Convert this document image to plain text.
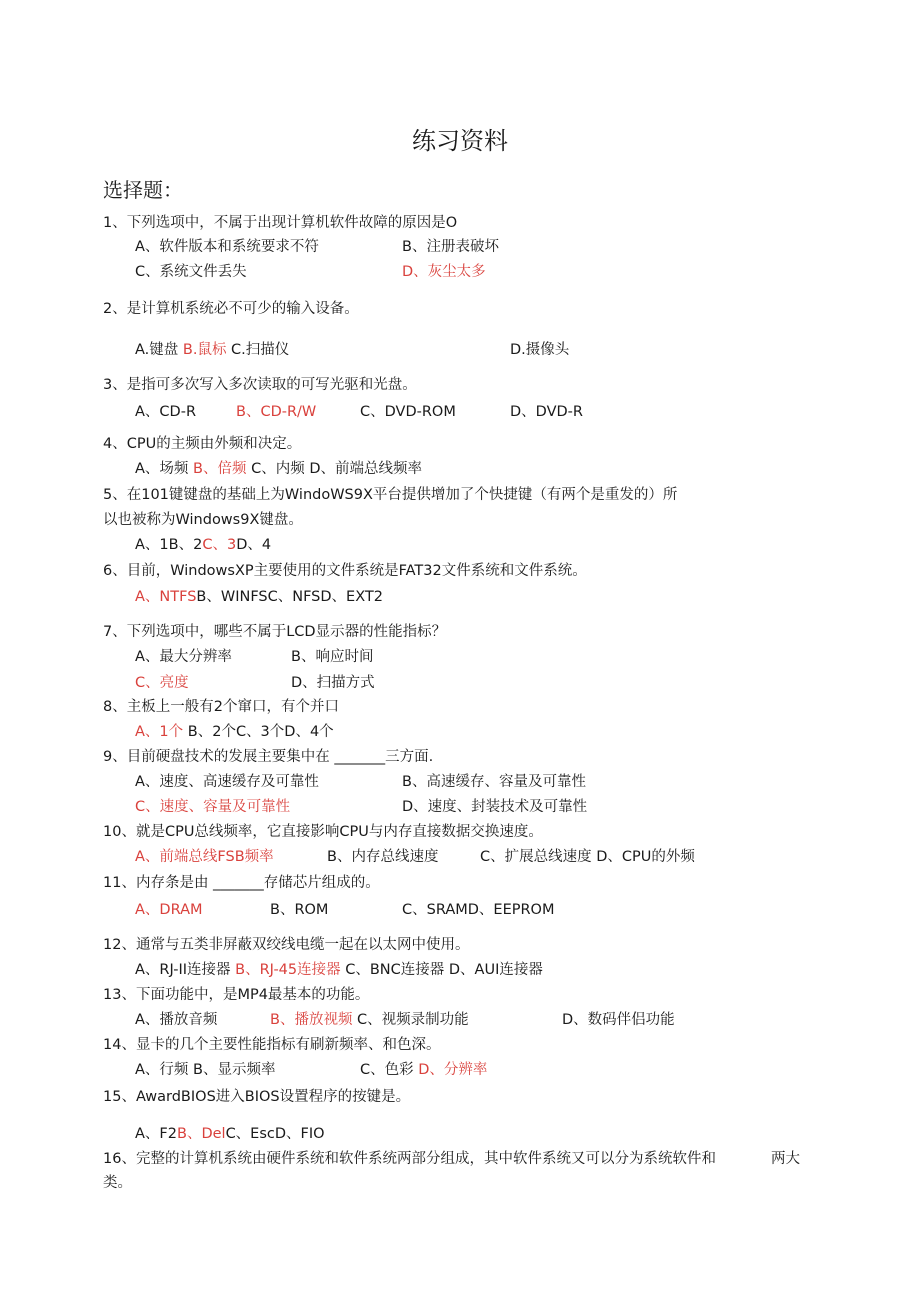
练习资料
选择题：
1、下列选项中，不属于出现计算机软件故障的原因是O
A、软件版本和系统要求不符	B、注册表破坏
C、系统文件丢失	D、灰尘太多
2、是计算机系统必不可少的输入设备。
A.键盘 B.鼠标 C.扫描仪	D.摄像头
3、是指可多次写入多次读取的可写光驱和光盘。
A、CD-R	B、CD-R/W	C、DVD-ROM	D、DVD-R
4、CPU的主频由外频和决定。
A、场频 B、倍频 C、内频 D、前端总线频率
5、在101键键盘的基础上为WindoWS9X平台提供增加了个快捷键（有两个是重发的）所
以也被称为Windows9X键盘。
A、1B、2C、3D、4
6、目前，WindowsXP主要使用的文件系统是FAT32文件系统和文件系统。
A、NTFSB、WINFSC、NFSD、EXT2
7、下列选项中，哪些不属于LCD显示器的性能指标？
A、最大分辨率	B、响应时间
C、亮度	D、扫描方式
8、主板上一般有2个窜口，有个并口
A、1个 B、2个C、3个D、4个
9、目前硬盘技术的发展主要集中在 _______三方面.
A、速度、高速缓存及可靠性	B、高速缓存、容量及可靠性
C、速度、容量及可靠性	D、速度、封装技术及可靠性
10、就是CPU总线频率，它直接影响CPU与内存直接数据交换速度。
A、前端总线FSB频率	B、内存总线速度	C、扩展总线速度 D、CPU的外频
11、内存条是由 _______存储芯片组成的。
A、DRAM	B、ROM	C、SRAMD、EEPROM
12、通常与五类非屏蔽双绞线电缆一起在以太网中使用。
A、RJ-II连接器 B、RJ-45连接器 C、BNC连接器 D、AUI连接器
13、下面功能中，是MP4最基本的功能。
A、播放音频	B、播放视频 C、视频录制功能	D、数码伴侣功能
14、显卡的几个主要性能指标有刷新频率、和色深。
A、行频 B、显示频率	C、色彩 D、分辨率
15、AwardBIOS进入BIOS设置程序的按键是。
A、F2B、DelC、EscD、FIO
16、完整的计算机系统由硬件系统和软件系统两部分组成，其中软件系统又可以分为系统软件和	两大
类。
